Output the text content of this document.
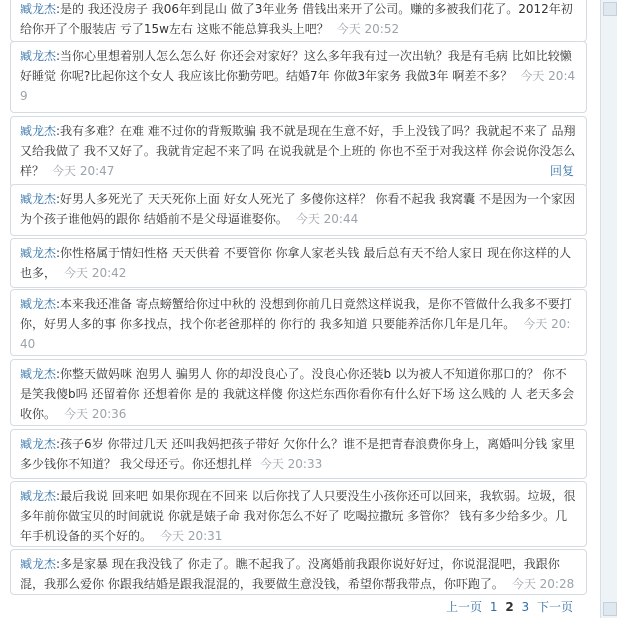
臧龙杰:是的 我还没房子 我06年到昆山 做了3年业务 借钱出来开了公司。赚的多被我们花了。2012年初给你开了个服装店 亏了15w左右 这账不能总算我头上吧？ 今天 20:52
臧龙杰:当你心里想着别人怎么怎么好 你还会对家好？这么多年我有过一次出轨？我是有毛病 比如比较懒好睡觉 你呢?比起你这个女人 我应该比你勤劳吧。结婚7年 你做3年家务 我做3年 啊差不多？ 今天 20:49
臧龙杰:我有多难？在难 难不过你的背叛欺骗 我不就是现在生意不好，手上没钱了吗？我就起不来了 品翔又给我做了 我不又好了。我就肯定起不来了吗 在说我就是个上班的 你也不至于对我这样 你会说你没怎么样？ 今天 20:47	回复
臧龙杰:好男人多死光了 天天死你上面 好女人死光了 多傻你这样？ 你看不起我 我窝囊 不是因为一个家因为个孩子谁他妈的跟你 结婚前不是父母逼谁娶你。 今天 20:44
臧龙杰:你性格属于情妇性格 天天供着 不要管你 你拿人家老头钱 最后总有天不给人家日 现在你这样的人也多， 今天 20:42
臧龙杰:本来我还准备 寄点螃蟹给你过中秋的 没想到你前几日竟然这样说我，是你不管做什么我多不要打你，好男人多的事 你多找点，找个你老爸那样的 你行的 我多知道 只要能养活你几年是几年。 今天 20:40
臧龙杰:你整天做妈咪 泡男人 骗男人 你的却没良心了。没良心你还装b 以为被人不知道你那口的？ 你不是笑我傻b吗 还留着你 还想着你 是的 我就这样傻 你这烂东西你看你有什么好下场 这么贱的 人 老天多会收你。 今天 20:36
臧龙杰:孩子6岁 你带过几天 还叫我妈把孩子带好 欠你什么？谁不是把青春浪费你身上，离婚叫分钱 家里多少钱你不知道？ 我父母还亏。你还想扎样 今天 20:33
臧龙杰:最后我说 回来吧 如果你现在不回来 以后你找了人只要没生小孩你还可以回来，我软弱。垃圾，很多年前你做宝贝的时间就说 你就是婊子命 我对你怎么不好了 吃喝拉撒玩 多管你？ 钱有多少给多少。几年手机设备的买个好的。 今天 20:31
臧龙杰:多是家暴 现在我没钱了 你走了。瞧不起我了。没离婚前我跟你说好好过，你说混混吧，我跟你混，我那么爱你 你跟我结婚是跟我混混的，我要做生意没钱，希望你帮我带点，你吓跑了。 今天 20:28
上一页 1 2 3 下一页
